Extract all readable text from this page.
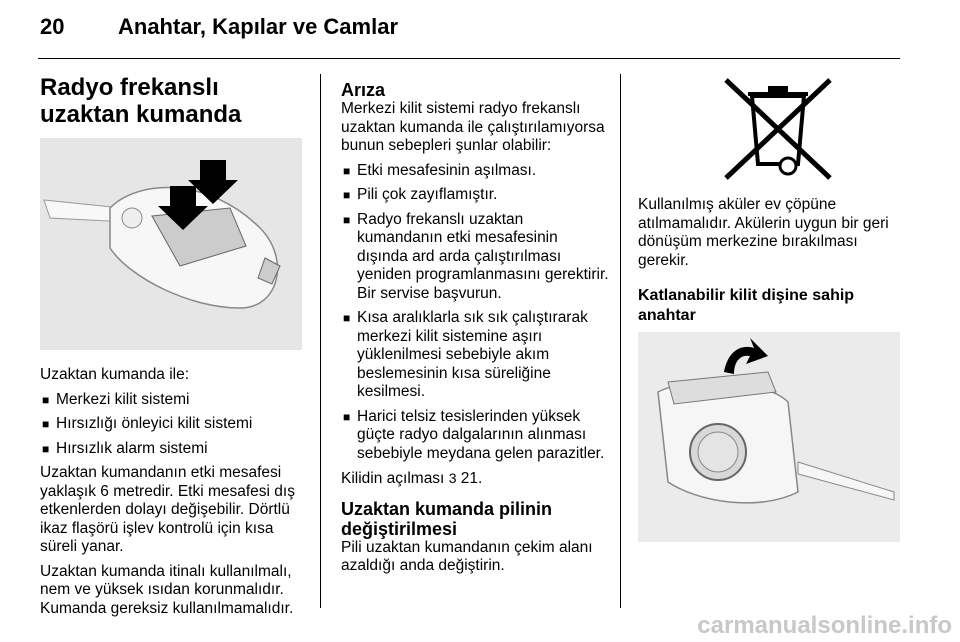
20 Anahtar, Kapılar ve Camlar
Radyo frekanslı uzaktan kumanda
Uzaktan kumanda ile:
■ Merkezi kilit sistemi
■ Hırsızlığı önleyici kilit sistemi
■ Hırsızlık alarm sistemi
Uzaktan kumandanın etki mesafesi yaklaşık 6 metredir. Etki mesafesi dış etkenlerden dolayı değişebilir. Dörtlü ikaz flaşörü işlev kontrolü için kısa süreli yanar.
Uzaktan kumanda itinalı kullanılmalı, nem ve yüksek ısıdan korunmalıdır. Kumanda gereksiz kullanılmamalıdır.
Arıza
Merkezi kilit sistemi radyo frekanslı uzaktan kumanda ile çalıştırılamıyorsa bunun sebepleri şunlar olabilir:
■ Etki mesafesinin aşılması.
■ Pili çok zayıflamıştır.
■ Radyo frekanslı uzaktan kumandanın etki mesafesinin dışında ard arda çalıştırılması yeniden programlanmasını gerektirir. Bir servise başvurun.
■ Kısa aralıklarla sık sık çalıştırarak merkezi kilit sistemine aşırı yüklenilmesi sebebiyle akım beslemesinin kısa süreliğine kesilmesi.
■ Harici telsiz tesislerinden yüksek güçte radyo dalgalarının alınması sebebiyle meydana gelen parazitler.
Kilidin açılması 3 21.
Uzaktan kumanda pilinin değiştirilmesi
Pili uzaktan kumandanın çekim alanı azaldığı anda değiştirin.
Kullanılmış aküler ev çöpüne atılmamalıdır. Akülerin uygun bir geri dönüşüm merkezine bırakılması gerekir.
Katlanabilir kilit dişine sahip anahtar
carmanualsonline.info
